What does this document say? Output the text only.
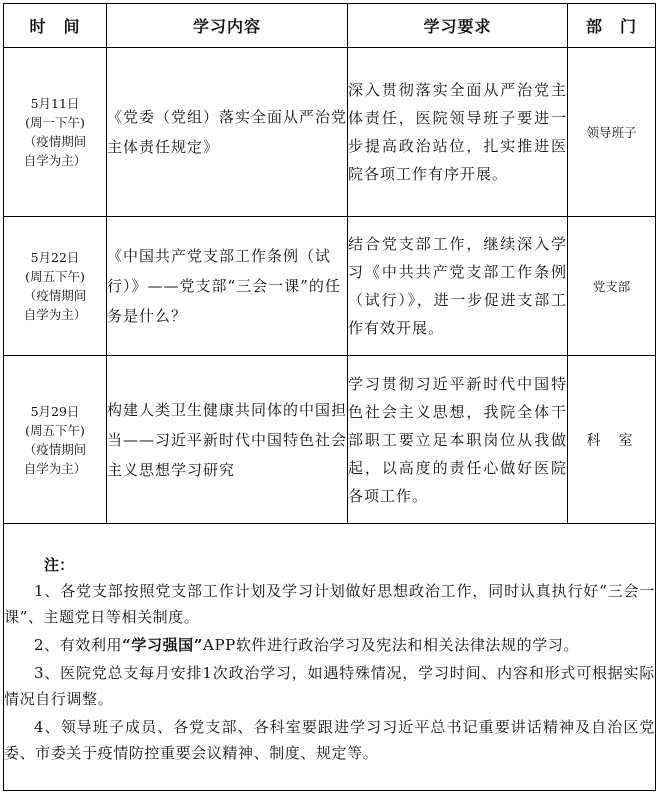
时　间	学习内容	学习要求	部　门

5月11日
(周一下午)
（疫情期间
自学为主）	《党委（党组）落实全面从严治党主体责任规定》	深入贯彻落实全面从严治党主体责任，医院领导班子要进一步提高政治站位，扎实推进医院各项工作有序开展。	领导班子

5月22日
(周五下午)
（疫情期间
自学为主）	《中国共产党支部工作条例（试行）》——党支部“三会一课”的任务是什么？	结合党支部工作，继续深入学习《中共共产党支部工作条例（试行）》，进一步促进支部工作有效开展。	党支部

5月29日
(周五下午)
（疫情期间
自学为主）	构建人类卫生健康共同体的中国担当——习近平新时代中国特色社会主义思想学习研究	学习贯彻习近平新时代中国特色社会主义思想，我院全体干部职工要立足本职岗位从我做起，以高度的责任心做好医院各项工作。	科室

注：

1、各党支部按照党支部工作计划及学习计划做好思想政治工作，同时认真执行好“三会一课”、主题党日等相关制度。

2、有效利用“学习强国”APP软件进行政治学习及宪法和相关法律法规的学习。

3、医院党总支每月安排1次政治学习，如遇特殊情况，学习时间、内容和形式可根据实际情况自行调整。

4、领导班子成员、各党支部、各科室要跟进学习习近平总书记重要讲话精神及自治区党委、市委关于疫情防控重要会议精神、制度、规定等。			
